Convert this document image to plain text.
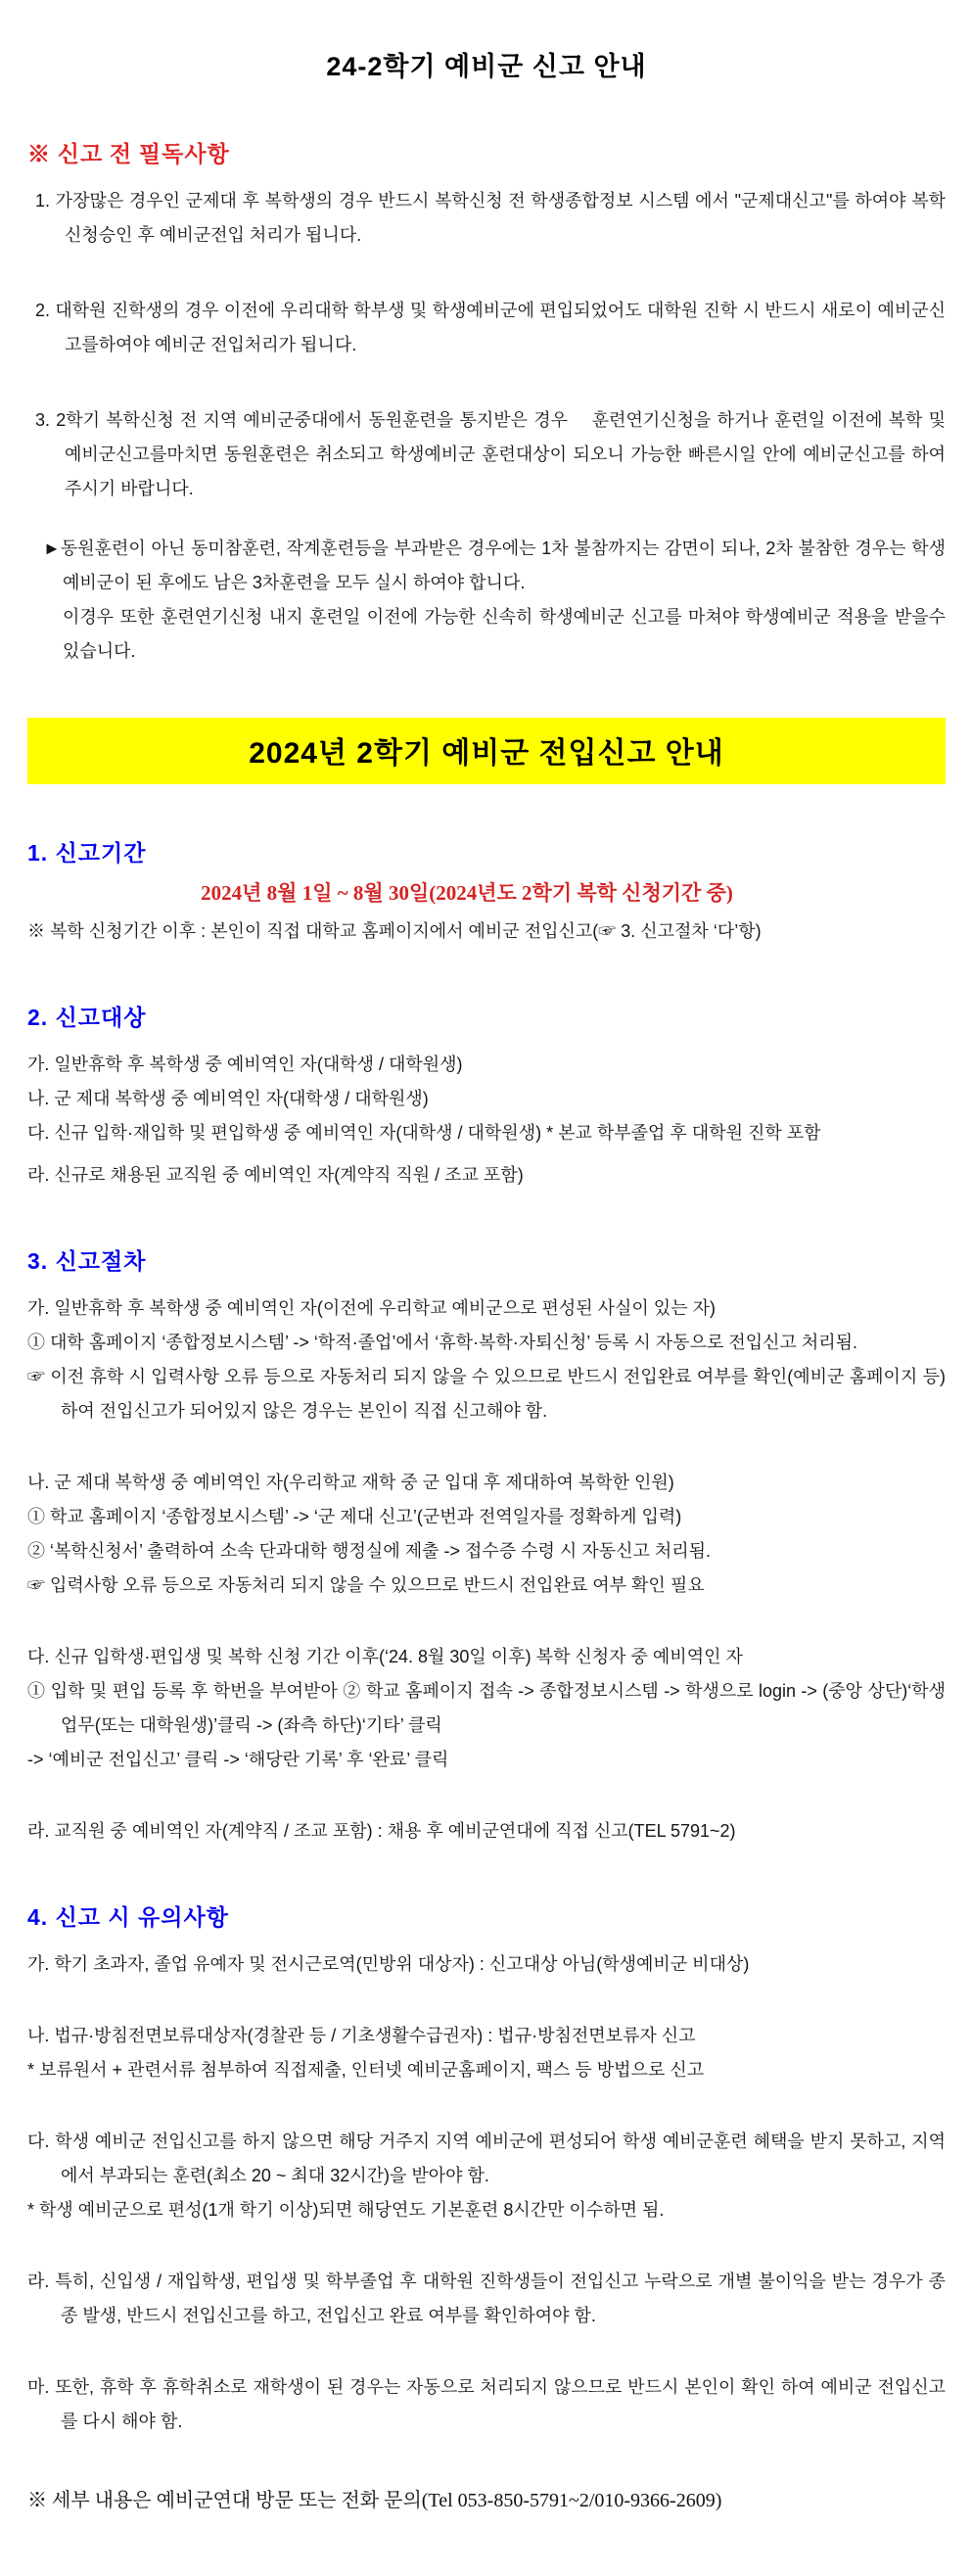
24-2학기 예비군 신고 안내
※ 신고 전 필독사항

1. 가장많은 경우인 군제대 후 복학생의 경우 반드시 복학신청 전 학생종합정보 시스템 에서 "군제대신고"를 하여야 복학신청승인 후 예비군전입 처리가 됩니다.

2. 대학원 진학생의 경우 이전에 우리대학 학부생 및 학생예비군에 편입되었어도 대학원 진학 시 반드시 새로이 예비군신고를하여야 예비군 전입처리가 됩니다.

3. 2학기 복학신청 전 지역 예비군중대에서 동원훈련을 통지받은 경우    훈련연기신청을 하거나 훈련일 이전에 복학 및 예비군신고를마치면 동원훈련은 취소되고 학생예비군 훈련대상이 되오니 가능한 빠른시일 안에 예비군신고를 하여주시기 바랍니다.

►동원훈련이 아닌 동미참훈련, 작계훈련등을 부과받은 경우에는 1차 불참까지는 감면이 되나, 2차 불참한 경우는 학생예비군이 된 후에도 남은 3차훈련을 모두 실시 하여야 합니다.

이경우 또한 훈련연기신청 내지 훈련일 이전에 가능한 신속히 학생예비군 신고를 마쳐야 학생예비군 적용을 받을수 있습니다.

2024년 2학기 예비군 전입신고 안내

1. 신고기간

2024년 8월 1일 ~ 8월 30일(2024년도 2학기 복학 신청기간 중)

※ 복학 신청기간 이후 : 본인이 직접 대학교 홈페이지에서 예비군 전입신고(☞ 3. 신고절차 ‘다’항)

2. 신고대상

가. 일반휴학 후 복학생 중 예비역인 자(대학생 / 대학원생)

나. 군 제대 복학생 중 예비역인 자(대학생 / 대학원생)

다. 신규 입학·재입학 및 편입학생 중 예비역인 자(대학생 / 대학원생) * 본교 학부졸업 후 대학원 진학 포함

라. 신규로 채용된 교직원 중 예비역인 자(계약직 직원 / 조교 포함)

3. 신고절차

가. 일반휴학 후 복학생 중 예비역인 자(이전에 우리학교 예비군으로 편성된 사실이 있는 자)

① 대학 홈페이지 ‘종합정보시스템’ -> ‘학적·졸업’에서 ‘휴학·복학·자퇴신청’ 등록 시 자동으로 전입신고 처리됨.

☞ 이전 휴학 시 입력사항 오류 등으로 자동처리 되지 않을 수 있으므로 반드시 전입완료 여부를 확인(예비군 홈페이지 등)하여 전입신고가 되어있지 않은 경우는 본인이 직접 신고해야 함.

나. 군 제대 복학생 중 예비역인 자(우리학교 재학 중 군 입대 후 제대하여 복학한 인원)

① 학교 홈페이지 ‘종합정보시스템’ -> ‘군 제대 신고’(군번과 전역일자를 정확하게 입력)

② ‘복학신청서’ 출력하여 소속 단과대학 행정실에 제출 -> 접수증 수령 시 자동신고 처리됨.

☞ 입력사항 오류 등으로 자동처리 되지 않을 수 있으므로 반드시 전입완료 여부 확인 필요

다. 신규 입학생·편입생 및 복학 신청 기간 이후(‘24. 8월 30일 이후) 복학 신청자 중 예비역인 자

① 입학 및 편입 등록 후 학번을 부여받아 ② 학교 홈페이지 접속 -> 종합정보시스템 -> 학생으로 login -> (중앙 상단)‘학생업무(또는 대학원생)’클릭 -> (좌측 하단)‘기타’ 클릭

-> ‘예비군 전입신고’ 클릭 -> ‘해당란 기록’ 후 ‘완료’ 클릭

라. 교직원 중 예비역인 자(계약직 / 조교 포함) : 채용 후 예비군연대에 직접 신고(TEL 5791~2)

4. 신고 시 유의사항

가. 학기 초과자, 졸업 유예자 및 전시근로역(민방위 대상자) : 신고대상 아님(학생예비군 비대상)

나. 법규·방침전면보류대상자(경찰관 등 / 기초생활수급권자) : 법규·방침전면보류자 신고

* 보류원서 + 관련서류 첨부하여 직접제출, 인터넷 예비군홈페이지, 팩스 등 방법으로 신고

다. 학생 예비군 전입신고를 하지 않으면 해당 거주지 지역 예비군에 편성되어 학생 예비군훈련 혜택을 받지 못하고, 지역에서 부과되는 훈련(최소 20 ~ 최대 32시간)을 받아야 함.

* 학생 예비군으로 편성(1개 학기 이상)되면 해당연도 기본훈련 8시간만 이수하면 됨.

라. 특히, 신입생 / 재입학생, 편입생 및 학부졸업 후 대학원 진학생들이 전입신고 누락으로 개별 불이익을 받는 경우가 종종 발생, 반드시 전입신고를 하고, 전입신고 완료 여부를 확인하여야 함.

마. 또한, 휴학 후 휴학취소로 재학생이 된 경우는 자동으로 처리되지 않으므로 반드시 본인이 확인 하여 예비군 전입신고를 다시 해야 함.

※ 세부 내용은 예비군연대 방문 또는 전화 문의(Tel 053-850-5791~2/010-9366-2609)
